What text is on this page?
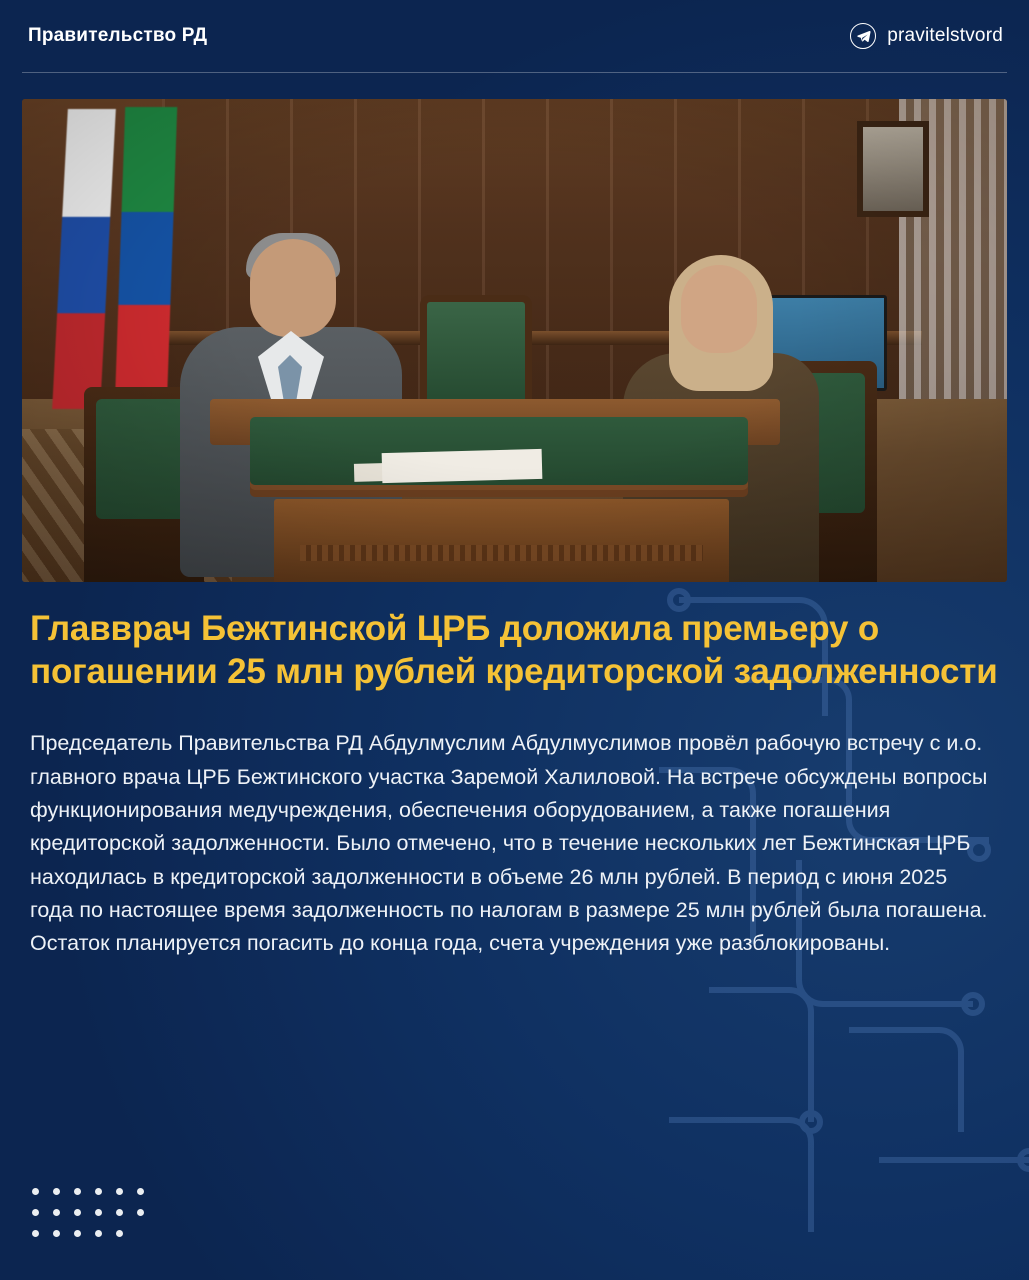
Правительство РД	pravitelstvord
Главврач Бежтинской ЦРБ доложила премьеру о погашении 25 млн рублей кредиторской задолженности

Председатель Правительства РД Абдулмуслим Абдулмуслимов провёл рабочую встречу с и.о. главного врача ЦРБ Бежтинского участка Заремой Халиловой. На встрече обсуждены вопросы функционирования медучреждения, обеспечения оборудованием, а также погашения кредиторской задолженности. Было отмечено, что в течение нескольких лет Бежтинская ЦРБ находилась в кредиторской задолженности в объеме 26 млн рублей. В период с июня 2025 года по настоящее время задолженность по налогам в размере 25 млн рублей была погашена. Остаток планируется погасить до конца года, счета учреждения уже разблокированы.
